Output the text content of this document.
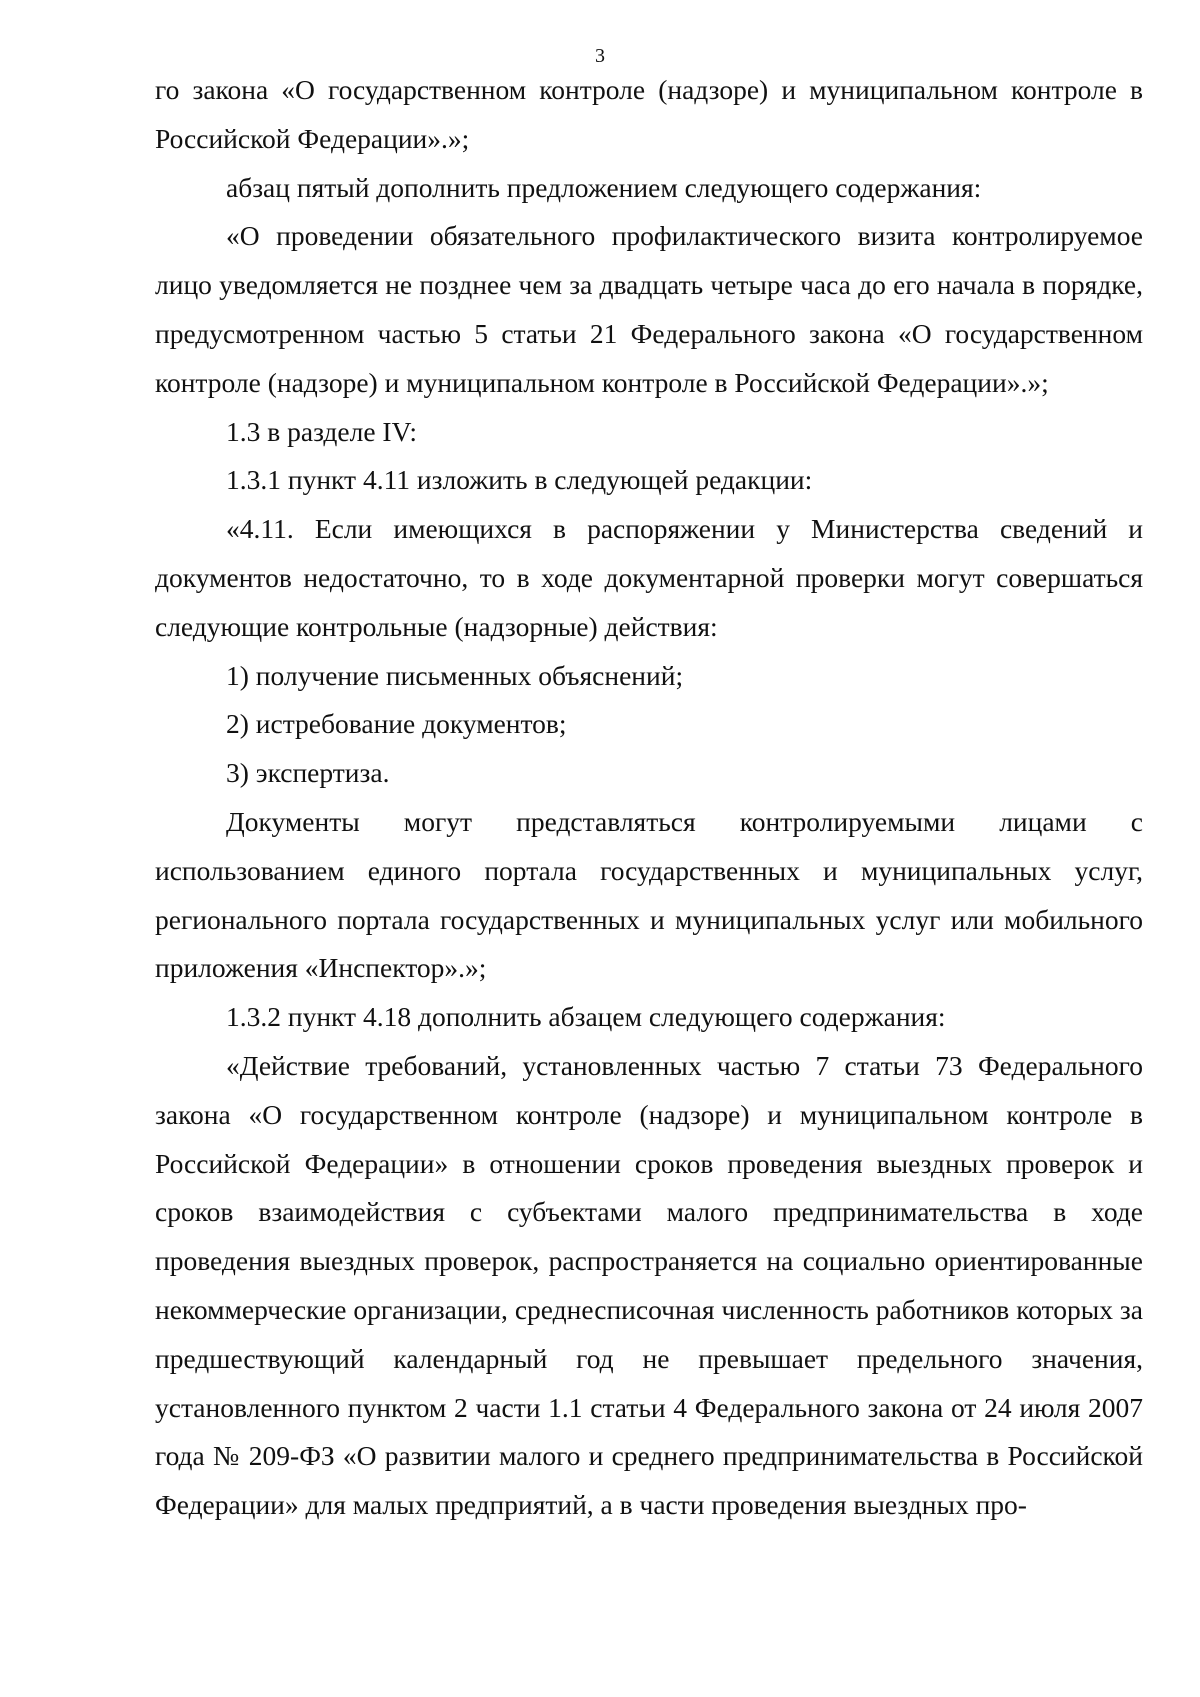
3

го закона «О государственном контроле (надзоре) и муниципальном контроле в Российской Федерации».»;

абзац пятый дополнить предложением следующего содержания:

«О проведении обязательного профилактического визита контролируемое лицо уведомляется не позднее чем за двадцать четыре часа до его начала в порядке, предусмотренном частью 5 статьи 21 Федерального закона «О государственном контроле (надзоре) и муниципальном контроле в Российской Федерации».»;

1.3 в разделе IV:

1.3.1 пункт 4.11 изложить в следующей редакции:

«4.11. Если имеющихся в распоряжении у Министерства сведений и документов недостаточно, то в ходе документарной проверки могут совершаться следующие контрольные (надзорные) действия:

1) получение письменных объяснений;

2) истребование документов;

3) экспертиза.

Документы могут представляться контролируемыми лицами с использованием единого портала государственных и муниципальных услуг, регионального портала государственных и муниципальных услуг или мобильного приложения «Инспектор».»;

1.3.2 пункт 4.18 дополнить абзацем следующего содержания:

«Действие требований, установленных частью 7 статьи 73 Федерального закона «О государственном контроле (надзоре) и муниципальном контроле в Российской Федерации» в отношении сроков проведения выездных проверок и сроков взаимодействия с субъектами малого предпринимательства в ходе проведения выездных проверок, распространяется на социально ориентированные некоммерческие организации, среднесписочная численность работников которых за предшествующий календарный год не превышает предельного значения, установленного пунктом 2 части 1.1 статьи 4 Федерального закона от 24 июля 2007 года № 209-ФЗ «О развитии малого и среднего предпринимательства в Российской Федерации» для малых предприятий, а в части проведения выездных про-
